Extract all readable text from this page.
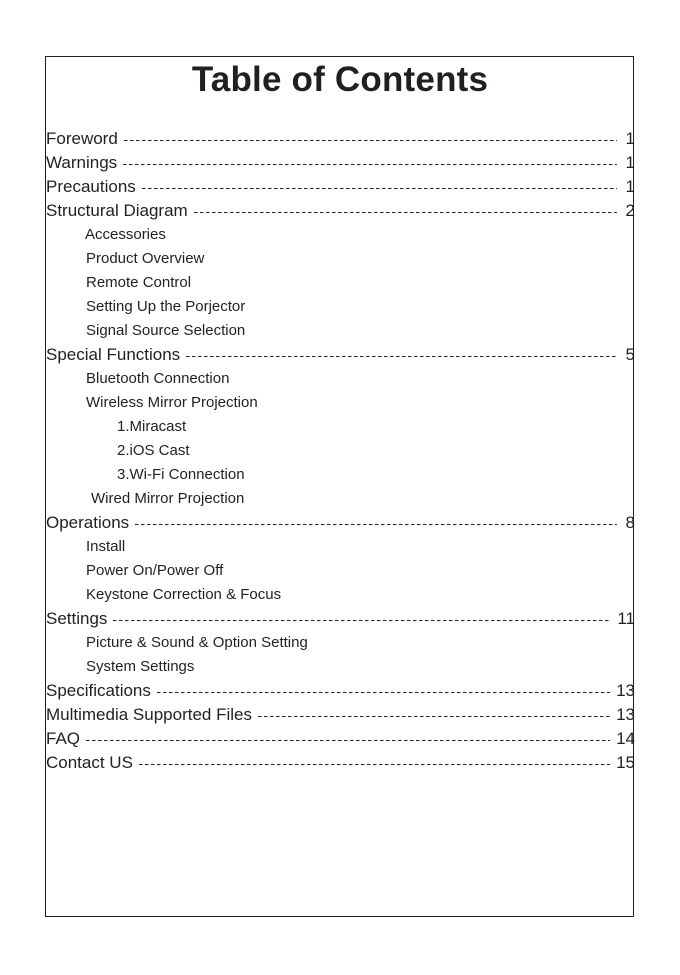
Table of Contents
Foreword	1
Warnings	1
Precautions	1
Structural Diagram	2
Accessories
Product Overview
Remote Control
Setting Up the Porjector
Signal Source Selection
Special Functions	5
Bluetooth Connection
Wireless Mirror Projection
1.Miracast
2.iOS Cast
3.Wi-Fi Connection
Wired Mirror Projection
Operations	8
Install
Power On/Power Off
Keystone Correction & Focus
Settings	11
Picture & Sound & Option Setting
System Settings
Specifications	13
Multimedia Supported Files	13
FAQ	14
Contact US	15
